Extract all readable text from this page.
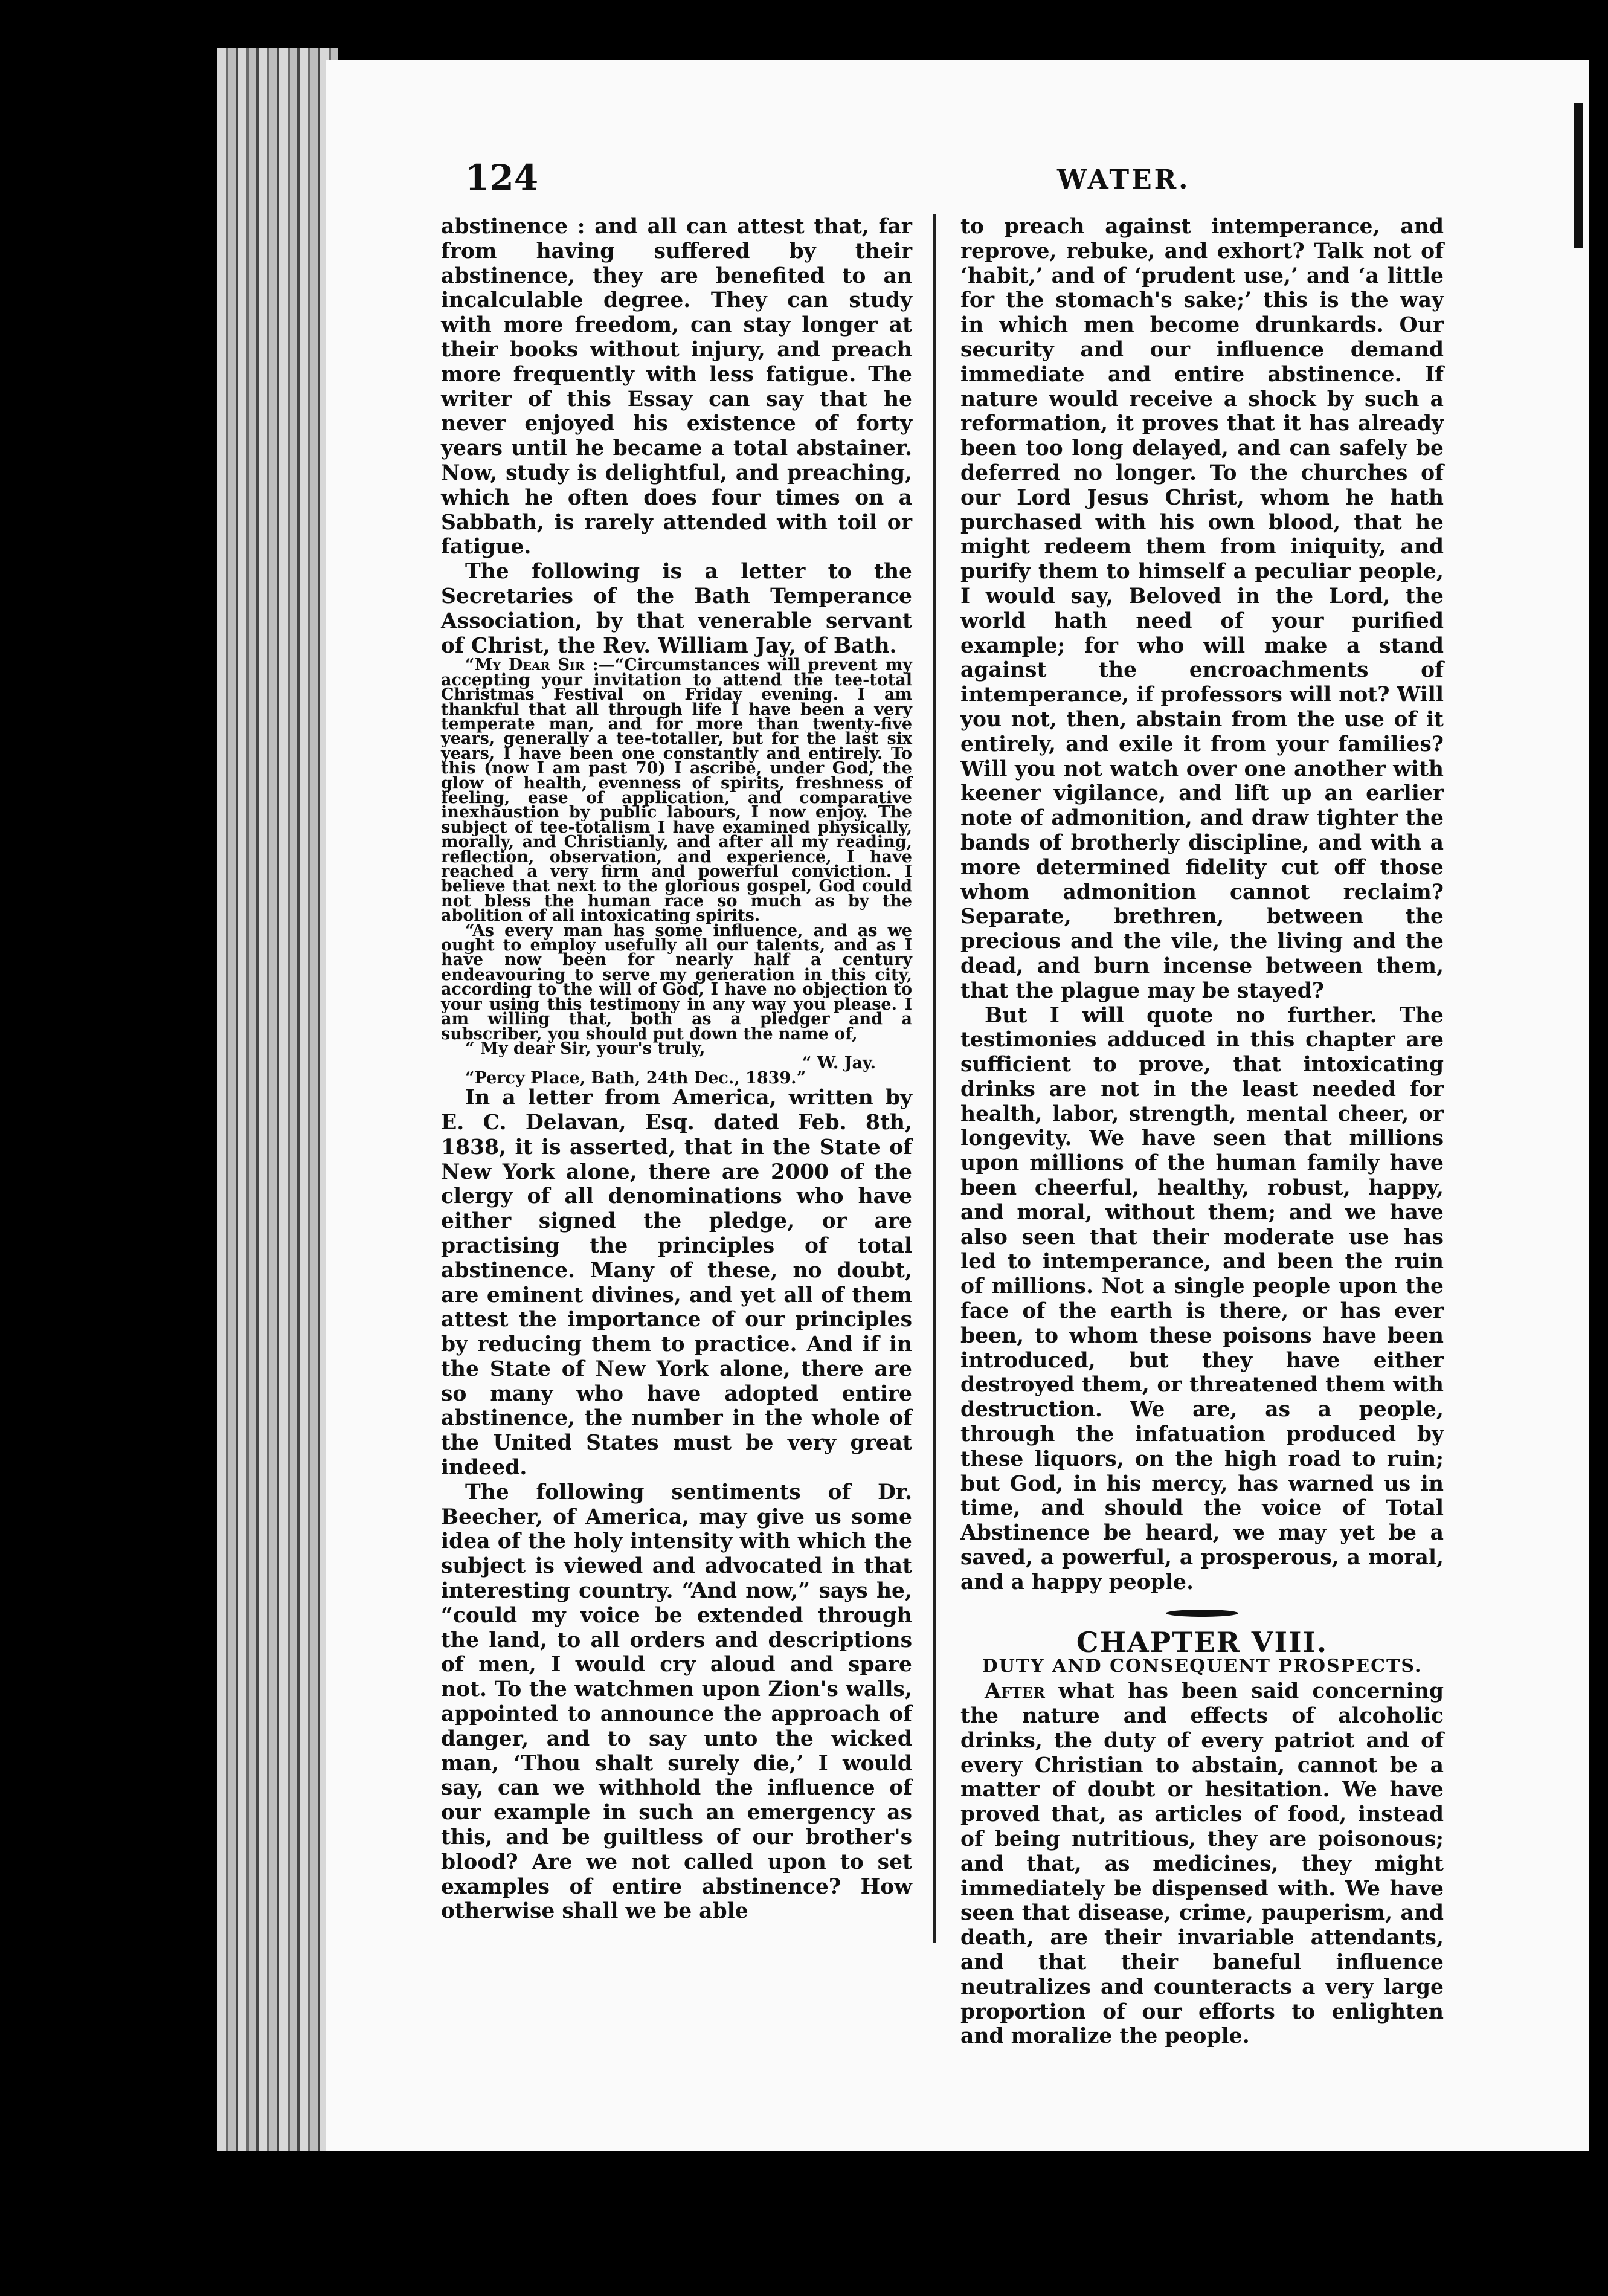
124	WATER.

abstinence : and all can attest that, far from having suffered by their abstinence, they are benefited to an incalculable degree. They can study with more freedom, can stay longer at their books without injury, and preach more frequently with less fatigue. The writer of this Essay can say that he never enjoyed his existence of forty years until he became a total abstainer. Now, study is delightful, and preaching, which he often does four times on a Sabbath, is rarely attended with toil or fatigue.

The following is a letter to the Secretaries of the Bath Temperance Association, by that venerable servant of Christ, the Rev. William Jay, of Bath.

“My Dear Sir :—“Circumstances will prevent my accepting your invitation to attend the tee-total Christmas Festival on Friday evening. I am thankful that all through life I have been a very temperate man, and for more than twenty-five years, generally a tee-totaller, but for the last six years, I have been one constantly and entirely. To this (now I am past 70) I ascribe, under God, the glow of health, evenness of spirits, freshness of feeling, ease of application, and comparative inexhaustion by public labours, I now enjoy. The subject of tee-totalism I have examined physically, morally, and Christianly, and after all my reading, reflection, observation, and experience, I have reached a very firm and powerful conviction. I believe that next to the glorious gospel, God could not bless the human race so much as by the abolition of all intoxicating spirits.

“As every man has some influence, and as we ought to employ usefully all our talents, and as I have now been for nearly half a century endeavouring to serve my generation in this city, according to the will of God, I have no objection to your using this testimony in any way you please. I am willing that, both as a pledger and a subscriber, you should put down the name of,

“ My dear Sir, your's truly,

“ W. Jay.

“Percy Place, Bath, 24th Dec., 1839.”

In a letter from America, written by E. C. Delavan, Esq. dated Feb. 8th, 1838, it is asserted, that in the State of New York alone, there are 2000 of the clergy of all denominations who have either signed the pledge, or are practising the principles of total abstinence. Many of these, no doubt, are eminent divines, and yet all of them attest the importance of our principles by reducing them to practice. And if in the State of New York alone, there are so many who have adopted entire abstinence, the number in the whole of the United States must be very great indeed.

The following sentiments of Dr. Beecher, of America, may give us some idea of the holy intensity with which the subject is viewed and advocated in that interesting country. “And now,” says he, “could my voice be extended through the land, to all orders and descriptions of men, I would cry aloud and spare not. To the watchmen upon Zion's walls, appointed to announce the approach of danger, and to say unto the wicked man, ‘Thou shalt surely die,’ I would say, can we withhold the influence of our example in such an emergency as this, and be guiltless of our brother's blood? Are we not called upon to set examples of entire abstinence? How otherwise shall we be able

to preach against intemperance, and reprove, rebuke, and exhort? Talk not of ‘habit,’ and of ‘prudent use,’ and ‘a little for the stomach's sake;’ this is the way in which men become drunkards. Our security and our influence demand immediate and entire abstinence. If nature would receive a shock by such a reformation, it proves that it has already been too long delayed, and can safely be deferred no longer. To the churches of our Lord Jesus Christ, whom he hath purchased with his own blood, that he might redeem them from iniquity, and purify them to himself a peculiar people, I would say, Beloved in the Lord, the world hath need of your purified example; for who will make a stand against the encroachments of intemperance, if professors will not? Will you not, then, abstain from the use of it entirely, and exile it from your families? Will you not watch over one another with keener vigilance, and lift up an earlier note of admonition, and draw tighter the bands of brotherly discipline, and with a more determined fidelity cut off those whom admonition cannot reclaim? Separate, brethren, between the precious and the vile, the living and the dead, and burn incense between them, that the plague may be stayed?

But I will quote no further. The testimonies adduced in this chapter are sufficient to prove, that intoxicating drinks are not in the least needed for health, labor, strength, mental cheer, or longevity. We have seen that millions upon millions of the human family have been cheerful, healthy, robust, happy, and moral, without them; and we have also seen that their moderate use has led to intemperance, and been the ruin of millions. Not a single people upon the face of the earth is there, or has ever been, to whom these poisons have been introduced, but they have either destroyed them, or threatened them with destruction. We are, as a people, through the infatuation produced by these liquors, on the high road to ruin; but God, in his mercy, has warned us in time, and should the voice of Total Abstinence be heard, we may yet be a saved, a powerful, a prosperous, a moral, and a happy people.

CHAPTER VIII.

DUTY AND CONSEQUENT PROSPECTS.

After what has been said concerning the nature and effects of alcoholic drinks, the duty of every patriot and of every Christian to abstain, cannot be a matter of doubt or hesitation. We have proved that, as articles of food, instead of being nutritious, they are poisonous; and that, as medicines, they might immediately be dispensed with. We have seen that disease, crime, pauperism, and death, are their invariable attendants, and that their baneful influence neutralizes and counteracts a very large proportion of our efforts to enlighten and moralize the people.
